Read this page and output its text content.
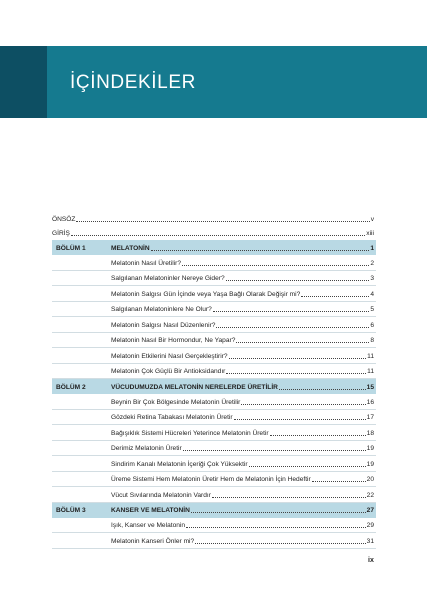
İÇİNDEKİLER
ÖNSÖZ	v
GİRİŞ	xiii
BÖLÜM 1	MELATONİN	1
Melatonin Nasıl Üretilir?	2
Salgılanan Melatoninler Nereye Gider?	3
Melatonin Salgısı Gün İçinde veya Yaşa Bağlı Olarak Değişir mi?	4
Salgılanan Melatoninlere Ne Olur?	5
Melatonin Salgısı Nasıl Düzenlenir?	6
Melatonin Nasıl Bir Hormondur, Ne Yapar?	8
Melatonin Etkilerini Nasıl Gerçekleştirir?	11
Melatonin Çok Güçlü Bir Antioksidandır	11
BÖLÜM 2	VÜCUDUMUZDA MELATONİN NERELERDE ÜRETİLİR	15
Beynin Bir Çok Bölgesinde Melatonin Üretilir	16
Gözdeki Retina Tabakası Melatonin Üretir	17
Bağışıklık Sistemi Hücreleri Yeterince Melatonin Üretir	18
Derimiz Melatonin Üretir	19
Sindirim Kanalı Melatonin İçeriği Çok Yüksektir	19
Üreme Sistemi Hem Melatonin Üretir Hem de Melatonin İçin Hedeftir	20
Vücut Sıvılarında Melatonin Vardır	22
BÖLÜM 3	KANSER VE MELATONİN	27
Işık, Kanser ve Melatonin	29
Melatonin Kanseri Önler mi?	31
ix
